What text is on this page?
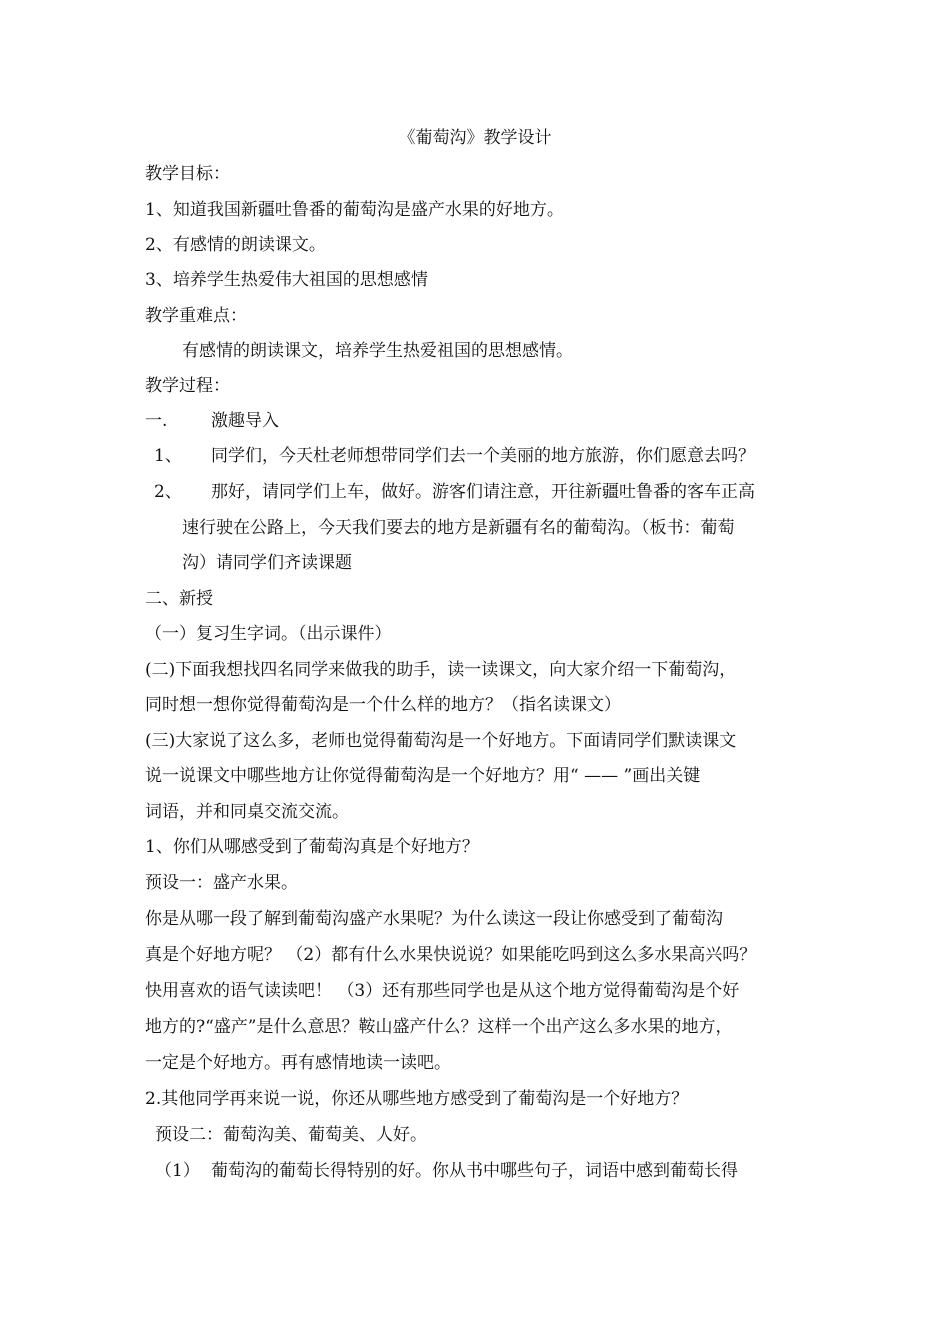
《葡萄沟》教学设计
教学目标：
1、知道我国新疆吐鲁番的葡萄沟是盛产水果的好地方。
2、有感情的朗读课文。
3、培养学生热爱伟大祖国的思想感情
教学重难点：
有感情的朗读课文，培养学生热爱祖国的思想感情。
教学过程：
一.	激趣导入
1、 同学们，今天杜老师想带同学们去一个美丽的地方旅游，你们愿意去吗？
2、 那好，请同学们上车，做好。游客们请注意，开往新疆吐鲁番的客车正高
速行驶在公路上，今天我们要去的地方是新疆有名的葡萄沟。（板书：葡萄
沟）请同学们齐读课题
二、新授
（一）复习生字词。（出示课件）
(二)下面我想找四名同学来做我的助手，读一读课文，向大家介绍一下葡萄沟，
同时想一想你觉得葡萄沟是一个什么样的地方？（指名读课文）
(三)大家说了这么多，老师也觉得葡萄沟是一个好地方。下面请同学们默读课文
说一说课文中哪些地方让你觉得葡萄沟是一个好地方？用“ —— ”画出关键
词语，并和同桌交流交流。
1、你们从哪感受到了葡萄沟真是个好地方？
预设一：盛产水果。
你是从哪一段了解到葡萄沟盛产水果呢？为什么读这一段让你感受到了葡萄沟
真是个好地方呢？ （2）都有什么水果快说说？如果能吃吗到这么多水果高兴吗？
快用喜欢的语气读读吧！ （3）还有那些同学也是从这个地方觉得葡萄沟是个好
地方的?“盛产”是什么意思？鞍山盛产什么？这样一个出产这么多水果的地方，
一定是个好地方。再有感情地读一读吧。
2.其他同学再来说一说，你还从哪些地方感受到了葡萄沟是一个好地方？
预设二：葡萄沟美、葡萄美、人好。
（1） 葡萄沟的葡萄长得特别的好。你从书中哪些句子，词语中感到葡萄长得
